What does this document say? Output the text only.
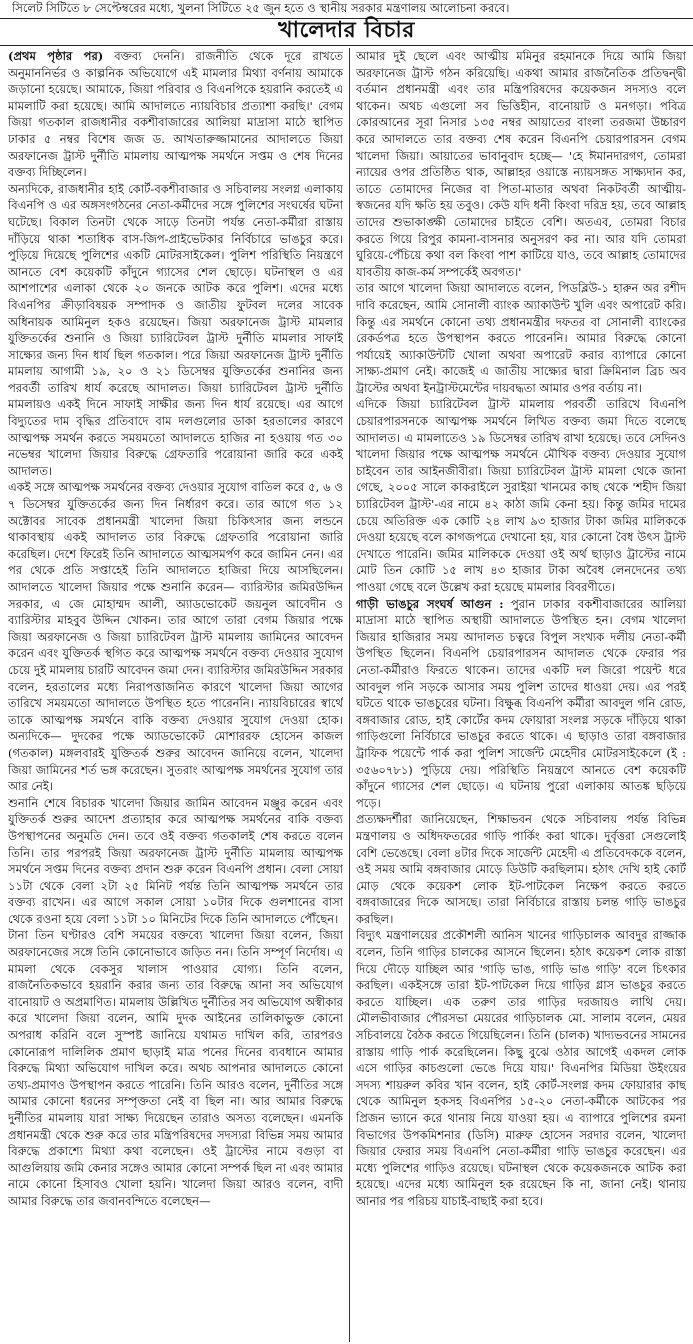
সিলেট সিটিতে ৮ সেপ্টেম্বরের মধ্যে, খুলনা সিটিতে ২৫ জুন হতে ও স্থানীয় সরকার মন্ত্রণালয় আলোচনা করবে।
খালেদার বিচার

(প্রথম পৃষ্ঠার পর) বক্তব্য দেননি। রাজনীতি থেকে দূরে রাখতে অনুমাননির্ভর ও কাল্পনিক অভিযোগে এই মামলার মিথ্যা বর্ণনায় আমাকে জড়ানো হয়েছে। আমাকে, জিয়া পরিবার ও বিএনপিকে হয়রানি করতেই এ মামলাটি করা হয়েছে। আমি আদালতে ন্যায়বিচার প্রত্যাশা করছি।' বেগম জিয়া গতকাল রাজধানীর বকশীবাজারের আলিয়া মাদ্রাসা মাঠে স্থাপিত ঢাকার ৫ নম্বর বিশেষ জজ ড. আখতারুজ্জামানের আদালতে জিয়া অরফানেজ ট্রাস্ট দুর্নীতি মামলায় আত্মপক্ষ সমর্থনে সপ্তম ও শেষ দিনের বক্তব্য দিচ্ছিলেন।

অন্যদিকে, রাজধানীর হাই কোর্ট-বকশীবাজার ও সচিবালয় সংলগ্ন এলাকায় বিএনপি ও এর অঙ্গসংগঠনের নেতা-কর্মীদের সঙ্গে পুলিশের সংঘর্ষের ঘটনা ঘটেছে। বিকাল তিনটা থেকে সাড়ে তিনটা পর্যন্ত নেতা-কর্মীরা রাস্তায় দাঁড়িয়ে থাকা শতাধিক বাস-জিপ-প্রাইভেটকার নির্বিচারে ভাঙচুর করে। পুড়িয়ে দিয়েছে পুলিশের একটি মোটরসাইকেল। পুলিশ পরিস্থিতি নিয়ন্ত্রণে আনতে বেশ কয়েকটি কাঁদুনে গ্যাসের শেল ছোড়ে। ঘটনাস্থল ও এর আশপাশের এলাকা থেকে ২০ জনকে আটক করে পুলিশ। এদের মধ্যে বিএনপির ক্রীড়াবিষয়ক সম্পাদক ও জাতীয় ফুটবল দলের সাবেক অধিনায়ক আমিনুল হকও রয়েছেন। জিয়া অরফানেজ ট্রাস্ট মামলার যুক্তিতর্কের শুনানি ও জিয়া চ্যারিটেবল ট্রাস্ট দুর্নীতি মামলার সাফাই সাক্ষ্যের জন্য দিন ধার্য ছিল গতকাল। পরে জিয়া অরফানেজ ট্রাস্ট দুর্নীতি মামলায় আগামী ১৯, ২০ ও ২১ ডিসেম্বর যুক্তিতর্কের শুনানির জন্য পরবর্তী তারিখ ধার্য করেছে আদালত। জিয়া চ্যারিটেবল ট্রাস্ট দুর্নীতি মামলায়ও একই দিনে সাফাই সাক্ষীর জন্য দিন ধার্য রয়েছে। এর আগে বিদ্যুতের দাম বৃদ্ধির প্রতিবাদে বাম দলগুলোর ডাকা হরতালের কারণে আত্মপক্ষ সমর্থন করতে সময়মতো আদালতে হাজির না হওয়ায় গত ৩০ নভেম্বর খালেদা জিয়ার বিরুদ্ধে গ্রেফতারি পরোয়ানা জারি করে একই আদালত।

একই সঙ্গে আত্মপক্ষ সমর্থনের বক্তব্য দেওয়ার সুযোগ বাতিল করে ৫, ৬ ও ৭ ডিসেম্বর যুক্তিতর্কের জন্য দিন নির্ধারণ করে। তার আগে গত ১২ অক্টোবর সাবেক প্রধানমন্ত্রী খালেদা জিয়া চিকিৎসার জন্য লন্ডনে থাকাবস্থায় একই আদালত তার বিরুদ্ধে গ্রেফতারি পরোয়ানা জারি করেছিল। দেশে ফিরেই তিনি আদালতে আত্মসমর্পণ করে জামিন নেন। এর পর থেকে প্রতি সপ্তাহেই তিনি আদালতে হাজিরা দিয়ে আসছিলেন। আদালতে খালেদা জিয়ার পক্ষে শুনানি করেন— ব্যারিস্টার জমিরউদ্দিন সরকার, এ জে মোহাম্মদ আলী, অ্যাডভোকেট জয়নুল আবেদীন ও ব্যারিস্টার মাহবুব উদ্দিন খোকন। তার আগে তারা বেগম জিয়ার পক্ষে জিয়া অরফানেজ ও জিয়া চ্যারিটেবল ট্রাস্ট মামলায় জামিনের আবেদন করেন এবং যুক্তিতর্ক স্থগিত করে আত্মপক্ষ সমর্থনে বক্তব্য দেওয়ার সুযোগ চেয়ে দুই মামলায় চারটি আবেদন জমা দেন। ব্যারিস্টার জমিরউদ্দিন সরকার বলেন, হরতালের মধ্যে নিরাপত্তাজনিত কারণে খালেদা জিয়া আগের তারিখে সময়মতো আদালতে উপস্থিত হতে পারেননি। ন্যায়বিচারের স্বার্থে তাকে আত্মপক্ষ সমর্থনে বাকি বক্তব্য দেওয়ার সুযোগ দেওয়া হোক। অন্যদিকে— দুদকের পক্ষে অ্যাডভোকেট মোশাররফ হোসেন কাজল (গতকাল) মঙ্গলবারই যুক্তিতর্ক শুরুর আবেদন জানিয়ে বলেন, খালেদা জিয়া জামিনের শর্ত ভঙ্গ করেছেন। সুতরাং আত্মপক্ষ সমর্থনের সুযোগ তার আর নেই।

শুনানি শেষে বিচারক খালেদা জিয়ার জামিন আবেদন মঞ্জুর করেন এবং যুক্তিতর্ক শুরুর আদেশ প্রত্যাহার করে আত্মপক্ষ সমর্থনের বাকি বক্তব্য উপস্থাপনের অনুমতি দেন। তবে ওই বক্তব্য গতকালই শেষ করতে বলেন তিনি। তার পরপরই জিয়া অরফানেজ ট্রাস্ট দুর্নীতি মামলায় আত্মপক্ষ সমর্থনে সপ্তম দিনের বক্তব্য প্রদান শুরু করেন বিএনপি প্রধান। বেলা সোয়া ১১টা থেকে বেলা ২টা ২৫ মিনিট পর্যন্ত তিনি আত্মপক্ষ সমর্থনে তার বক্তব্য রাখেন। এর আগে সকাল সোয়া ১০টার দিকে গুলশানের বাসা থেকে রওনা হয়ে বেলা ১১টা ১০ মিনিটের দিকে তিনি আদালতে পৌঁছেন।

টানা তিন ঘণ্টারও বেশি সময়ের বক্তব্যে খালেদা জিয়া বলেন, জিয়া অরফানেজের সঙ্গে তিনি কোনোভাবে জড়িত নন। তিনি সম্পূর্ণ নির্দোষ। এ মামলা থেকে বেকসুর খালাস পাওয়ার যোগ্য। তিনি বলেন, রাজনৈতিকভাবে হয়রানি করার জন্য তার বিরুদ্ধে আনা সব অভিযোগ বানোয়াট ও অপ্রমাণিত। মামলায় উল্লিখিত দুর্নীতির সব অভিযোগ অস্বীকার করে খালেদা জিয়া বলেন, আমি দুদক আইনের তালিকাভুক্ত কোনো অপরাধ করিনি বলে সুস্পষ্ট জানিয়ে যথামত দাখিল করি, তারপরও কোনোরূপ দালিলিক প্রমাণ ছাড়াই মাত্র পনের দিনের ব্যবধানে আমার বিরুদ্ধে মিথ্যা অভিযোগ দাখিল করে। অথচ আপনার আদালতে কোনো তথ্য-প্রমাণও উপস্থাপন করতে পারেনি। তিনি আরও বলেন, দুর্নীতির সঙ্গে আমার কোনো ধরনের সম্পৃক্ততা নেই বা ছিল না। আর আমার বিরুদ্ধে দুর্নীতির মামলায় যারা সাক্ষ্য দিয়েছেন তারাও অসত্য বলেছেন। এমনকি প্রধানমন্ত্রী থেকে শুরু করে তার মন্ত্রিপরিষদের সদস্যরা বিভিন্ন সময় আমার বিরুদ্ধে প্রকাশ্যে মিথ্যা কথা বলেছেন। ওই ট্রাস্টের নামে বগুড়া বা আগুলিয়ায় জমি কেনার সঙ্গেও আমার কোনো সম্পর্ক ছিল না এবং আমার নামে কোনো হিসাবও খোলা হয়নি। খালেদা জিয়া আরও বলেন, বাদী আমার বিরুদ্ধে তার জবানবন্দিতে বলেছেন—

আমার দুই ছেলে এবং আত্মীয় মমিনুর রহমানকে দিয়ে আমি জিয়া অরফানেজ ট্রাস্ট গঠন করিয়েছি। একথা আমার রাজনৈতিক প্রতিদ্বন্দ্বী বর্তমান প্রধানমন্ত্রী এবং তার মন্ত্রিপরিষদের কয়েকজন সদস্যও বলে থাকেন। অথচ এগুলো সব ভিত্তিহীন, বানোয়াট ও মনগড়া। পবিত্র কোরআনের সূরা নিসার ১৩৫ নম্বর আয়াতের বাংলা তরজমা উচ্চারণ করে আদালতে তার বক্তব্য শেষ করেন বিএনপি চেয়ারপারসন বেগম খালেদা জিয়া। আয়াতের ভাবানুবাদ হচ্ছে— 'হে ঈমানদারগণ, তোমরা ন্যায়ের ওপর প্রতিষ্ঠিত থাক, আল্লাহর ওয়াস্তে ন্যায়সঙ্গত সাক্ষ্যদান কর, তাতে তোমাদের নিজের বা পিতা-মাতার অথবা নিকটবর্তী আত্মীয়-স্বজনের যদি ক্ষতি হয় তবুও। কেউ যদি ধনী কিংবা দরিদ্র হয়, তবে আল্লাহ তাদের শুভাকাঙ্ক্ষী তোমাদের চাইতে বেশি। অতএব, তোমরা বিচার করতে গিয়ে রিপুর কামনা-বাসনার অনুসরণ কর না। আর যদি তোমরা ঘুরিয়ে-পেঁচিয়ে কথা বল কিংবা পাশ কাটিয়ে যাও, তবে আল্লাহ তোমাদের যাবতীয় কাজ-কর্ম সম্পর্কেই অবগত।'

তার আগে খালেদা জিয়া আদালতে বলেন, পিডব্লিউ-১ হারুন অর রশীদ দাবি করেছেন, আমি সোনালী ব্যাংক অ্যাকাউন্ট খুলি এবং অপারেট করি। কিন্তু এর সমর্থনে কোনো তথ্য প্রধানমন্ত্রীর দফতর বা সোনালী ব্যাংকের রেকর্ডপত্র হতে উপস্থাপন করতে পারেননি। আমার বিরুদ্ধে কোনো পর্যায়েই অ্যাকাউন্টটি খোলা অথবা অপারেট করার ব্যাপারে কোনো সাক্ষ্য-প্রমাণ নেই। কাজেই এ জাতীয় সাক্ষ্যের দ্বারা ক্রিমিনাল ব্রিচ অব ট্রাস্টের অথবা ইনট্রাস্টমেন্টের দায়বদ্ধতা আমার ওপর বর্তায় না।

এদিকে জিয়া চ্যারিটেবল ট্রাস্ট মামলায় পরবর্তী তারিখে বিএনপি চেয়ারপারসনকে আত্মপক্ষ সমর্থনে লিখিত বক্তব্য জমা দিতে বলেছে আদালত। এ মামলাতেও ১৯ ডিসেম্বর তারিখ রাখা হয়েছে। তবে সেদিনও খালেদা জিয়ার পক্ষে আত্মপক্ষ সমর্থনে মৌখিক বক্তব্য দেওয়ার সুযোগ চাইবেন তার আইনজীবীরা। জিয়া চ্যারিটেবল ট্রাস্ট মামলা থেকে জানা গেছে, ২০০৫ সালে কাকরাইলে সুরাইয়া খানমের কাছ থেকে 'শহীদ জিয়া চ্যারিটেবল ট্রাস্ট'-এর নামে ৪২ কাঠা জমি কেনা হয়। কিন্তু জমির দামের চেয়ে অতিরিক্ত এক কোটি ২৪ লাখ ৯৩ হাজার টাকা জমির মালিককে দেওয়া হয়েছে বলে কাগজপত্রে দেখানো হয়, যার কোনো বৈধ উৎস ট্রাস্ট দেখাতে পারেনি। জমির মালিককে দেওয়া ওই অর্থ ছাড়াও ট্রাস্টের নামে মোট তিন কোটি ১৫ লাখ ৪৩ হাজার টাকা অবৈধ লেনদেনের তথ্য পাওয়া গেছে বলে উল্লেখ করা হয়েছে মামলার বিবরণীতে।

গাড়ী ভাঙচুর সংঘর্ষ আগুন : পুরান ঢাকার বকশীবাজারের আলিয়া মাদ্রাসা মাঠে স্থাপিত অস্থায়ী আদালতে উপস্থিত হন। বেগম খালেদা জিয়ার হাজিরার সময় আদালত চত্বরে বিপুল সংখ্যক দলীয় নেতা-কর্মী উপস্থিত ছিলেন। বিএনপি চেয়ারপারসন আদালত থেকে ফেরার পর নেতা-কর্মীরাও ফিরতে থাকেন। তাদের একটি দল জিরো পয়েন্ট ধরে আবদুল গনি সড়কে আসার সময় পুলিশ তাদের ধাওয়া দেয়। এর পরই ঘটতে থাকে ভাঙচুরের ঘটনা। বিক্ষুব্ধ বিএনপি কর্মীরা আবদুল গনি রোড, বঙ্গবাজার রোড, হাই কোর্টের কদম ফোয়ারা সংলগ্ন সড়কে দাঁড়িয়ে থাকা গাড়িগুলো নির্বিচারে ভাঙচুর করতে থাকে। এ ছাড়াও তারা বঙ্গবাজার ট্রাফিক পয়েন্টে পার্ক করা পুলিশ সার্জেন্ট মেহেদীর মোটরসাইকেলে (ই : ৩৫৬০৭৮১) পুড়িয়ে দেয়। পরিস্থিতি নিয়ন্ত্রণে আনতে বেশ কয়েকটি কাঁদুনে গ্যাসের শেল ছোড়ে। এ ঘটনায় পুরো এলাকায় আতঙ্ক ছড়িয়ে পড়ে।

প্রত্যক্ষদর্শীরা জানিয়েছেন, শিক্ষাভবন থেকে সচিবালয় পর্যন্ত বিভিন্ন মন্ত্রণালয় ও অধিদফতরের গাড়ি পার্কিং করা থাকে। দুর্বৃত্তরা সেগুলোই বেশি ভেঙেছে। বেলা ৪টার দিকে সার্জেন্ট মেহেদী এ প্রতিবেদককে বলেন, ওই সময় আমি বঙ্গবাজার মোড়ে ডিউটি করছিলাম। হঠাৎ দেখি হাই কোর্ট মোড় থেকে কয়েকশ লোক ইট-পাটকেল নিক্ষেপ করতে করতে বঙ্গবাজারের দিকে আসছে। তারা নির্বিচারে রাস্তায় চলন্ত গাড়ি ভাঙচুর করছিল।

বিদ্যুৎ মন্ত্রণালয়ের প্রকৌশলী আনিস খানের গাড়িচালক আবদুর রাজ্জাক বলেন, তিনি গাড়ির চালকের আসনে ছিলেন। হঠাৎ কয়েকশ লোক রাস্তা দিয়ে দৌড়ে যাচ্ছিল আর 'গাড়ি ভাঙ, গাড়ি ভাঙ গাড়ি' বলে চিৎকার করছিল। একইসঙ্গে তারা ইট-পাটকেল দিয়ে গাড়ির গ্লাস ভাঙচুর করতে করতে যাচ্ছিল। এক তরুণ তার গাড়ির দরজায়ও লাথি দেয়। মৌলভীবাজার পৌরসভা মেয়রের গাড়িচালক মো. সালাম বলেন, মেয়র সচিবালয়ে বৈঠক করতে গিয়েছিলেন। তিনি (চালক) খাদ্যভবনের সামনের রাস্তায় গাড়ি পার্ক করেছিলেন। কিছু বুঝে ওঠার আগেই একদল লোক এসে গাড়ির কাচগুলো ভেঙে দিয়ে যায়।' বিএনপির মিডিয়া উইংয়ের সদস্য শায়রুল কবির খান বলেন, হাই কোর্ট-সংলগ্ন কদম ফোয়ারার কাছ থেকে আমিনুল হকসহ বিএনপির ১৫-২০ নেতা-কর্মীকে আটকের পর প্রিজন ভ্যানে করে থানায় নিয়ে যাওয়া হয়। এ ব্যাপারে পুলিশের রমনা বিভাগের উপকমিশনার (ডিসি) মারুফ হোসেন সরদার বলেন, খালেদা জিয়ার ফেরার সময় বিএনপি নেতা-কর্মীরা গাড়ি ভাঙচুর করেছেন। এর মধ্যে পুলিশের গাড়িও রয়েছে। ঘটনাস্থল থেকে কয়েকজনকে আটক করা হয়েছে। এদের মধ্যে আমিনুল হক রয়েছেন কি না, জানা নেই। থানায় আনার পর পরিচয় যাচাই-বাছাই করা হবে।
